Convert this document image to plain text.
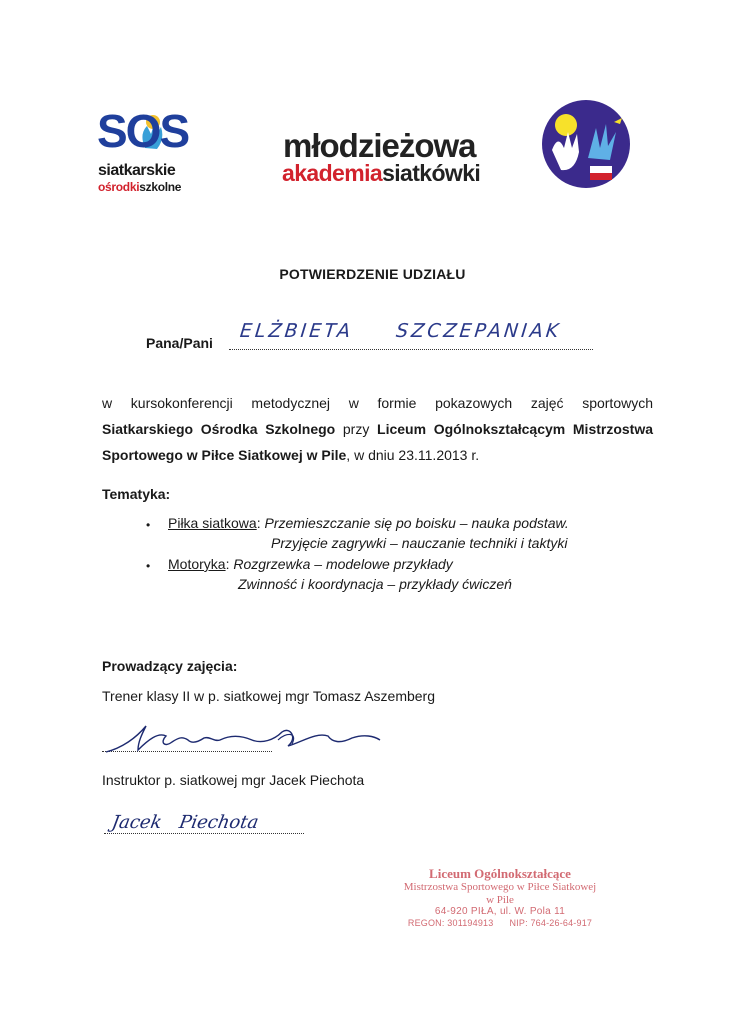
SOS
siatkarskie
ośrodkiszkolne
młodzieżowa
akademiasiatkówki
POTWIERDZENIE UDZIAŁU
Pana/Pani
ELŻBIETA SZCZEPANIAK
w kursokonferencji metodycznej w formie pokazowych zajęć sportowych
Siatkarskiego Ośrodka Szkolnego przy Liceum Ogólnokształcącym Mistrzostwa
Sportowego w Piłce Siatkowej w Pile, w dniu 23.11.2013 r.
Tematyka:
• Piłka siatkowa: Przemieszczanie się po boisku – nauka podstaw.
Przyjęcie zagrywki – nauczanie techniki i taktyki
• Motoryka: Rozgrzewka – modelowe przykłady
Zwinność i koordynacja – przykłady ćwiczeń
Prowadzący zajęcia:
Trener klasy II w p. siatkowej mgr Tomasz Aszemberg
Instruktor p. siatkowej mgr Jacek Piechota
Jacek Piechota
Liceum Ogólnokształcące
Mistrzostwa Sportowego w Piłce Siatkowej
w Pile
64-920 PIŁA, ul. W. Pola 11
REGON: 301194913 NIP: 764-26-64-917
